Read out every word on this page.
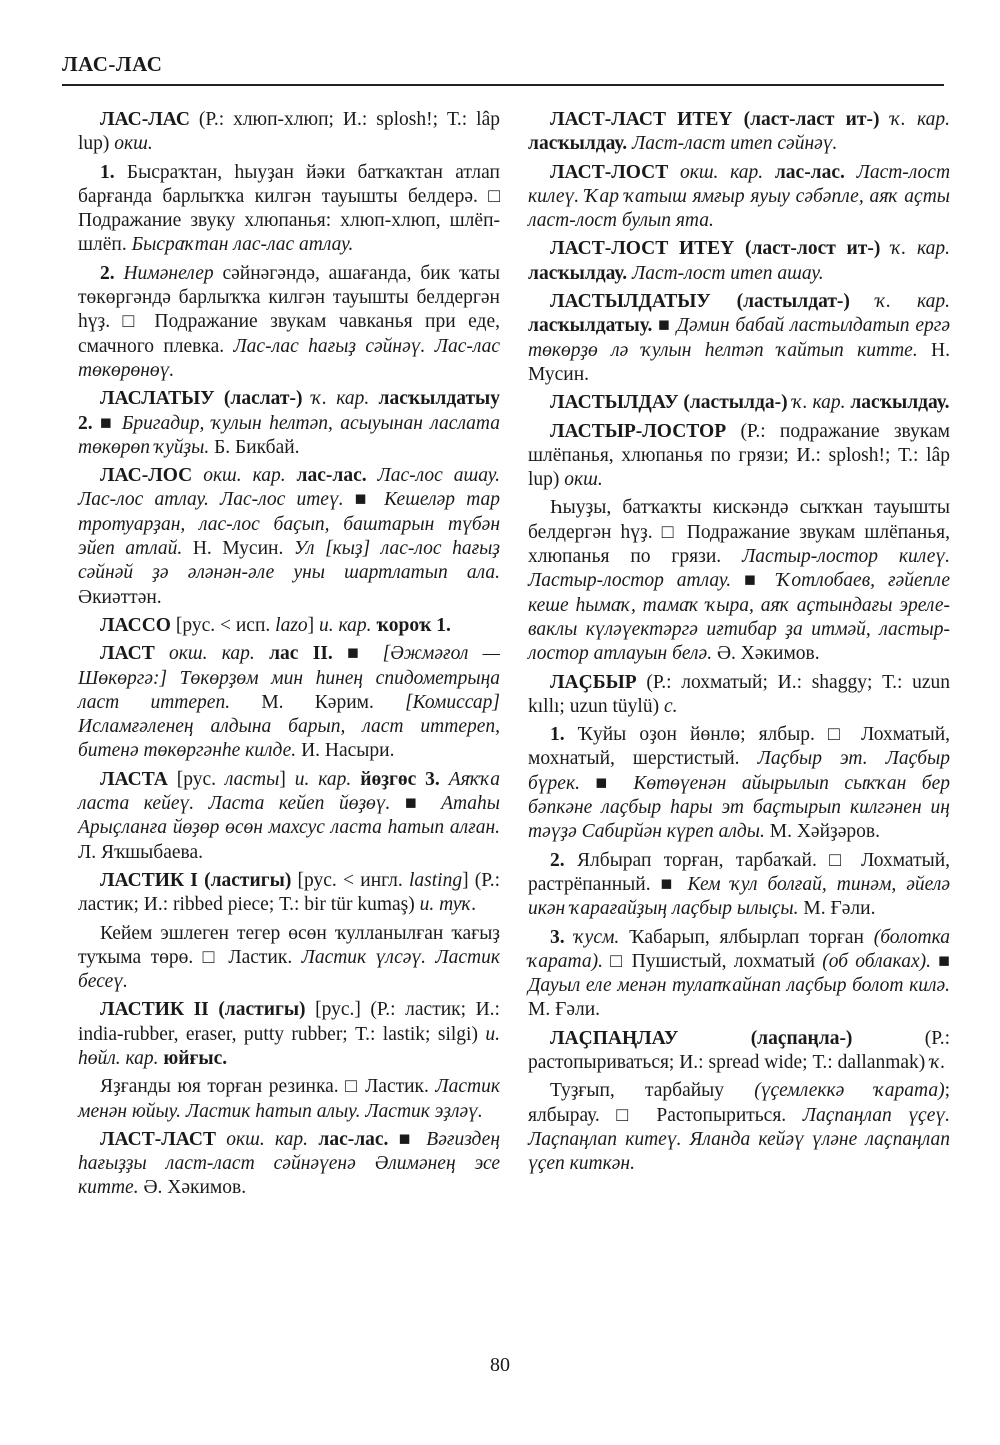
ЛАС-ЛАС

ЛАС-ЛАС (Р.: хлюп-хлюп; И.: splosh!; Т.: lâp lup) окш.

1. Бысраҡтан, һыуҙан йәки батҡаҡтан атлап барғанда барлыҡҡа килгән тауышты белдерә. □ Подражание звуку хлюпанья: хлюп-хлюп, шлёп-шлёп. Бысраҡтан лас-лас атлау.

2. Нимәнелер сәйнәгәндә, ашағанда, бик ҡаты төкөргәндә барлыҡҡа килгән тауышты белдергән һүҙ. □ Подражание звукам чавканья при еде, смачного плевка. Лас-лас һағыҙ сәйнәү. Лас-лас төкөрөнөү.

ЛАСЛАТЫУ (ласлат-) ҡ. кар. ласҡылдатыу 2. ■ Бригадир, ҡулын һелтәп, асыуынан ласлата төкөрөп ҡуйҙы. Б. Бикбай.

ЛАС-ЛОС окш. кар. лас-лас. Лас-лос ашау. Лас-лос атлау. Лас-лос итеү. ■ Кешеләр тар тротуарҙан, лас-лос баҫып, баштарын түбән эйеп атлай. Н. Мусин. Ул [кыҙ] лас-лос һағыҙ сәйнәй ҙә әләнән-әле уны шартлатып ала. Әкиәттән.

ЛАССО [рус. < исп. lazo] и. кар. ҡороҡ 1.

ЛАСТ окш. кар. лас II. ■ [Әжмәғол — Шөкөргә:] Төкөрҙөм мин һинең спидометрыңа ласт иттереп. М. Кәрим. [Комиссар] Исламғәленең алдына барып, ласт иттереп, битенә төкөргәнһе килде. И. Насыри.

ЛАСТА [рус. ласты] и. кар. йөҙгөс 3. Аяҡҡа ласта кейеү. Ласта кейеп йөҙөү. ■ Атаһы Арыҫланға йөҙөр өсөн махсус ласта һатып алған. Л. Яҡшыбаева.

ЛАСТИК I (ластигы) [рус. < ингл. lasting] (Р.: ластик; И.: ribbed piece; Т.: bir tür kumaş) и. туҡ.

Кейем эшлеген тегер өсөн ҡулланылған ҡағыҙ туҡыма төрө. □ Ластик. Ластик үлсәү. Ластик бесеү.

ЛАСТИК II (ластигы) [рус.] (Р.: ластик; И.: india-rubber, eraser, putty rubber; Т.: lastik; silgi) и. һөйл. кар. юйғыс.

Яҙғанды юя торған резинка. □ Ластик. Ластик менән юйыу. Ластик һатып алыу. Ластик эҙләү.

ЛАСТ-ЛАСТ окш. кар. лас-лас. ■ Вәғиздең һағыҙҙы ласт-ласт сәйнәүенә Әлимәнең эсе китте. Ә. Хәкимов.

ЛАСТ-ЛАСТ ИТЕҮ (ласт-ласт ит-) ҡ. кар. ласҡылдау. Ласт-ласт итеп сәйнәү.

ЛАСТ-ЛОСТ окш. кар. лас-лас. Ласт-лост килеү. Ҡар ҡатыш ямғыр яуыу сәбәпле, аяҡ аҫты ласт-лост булып ята.

ЛАСТ-ЛОСТ ИТЕҮ (ласт-лост ит-) ҡ. кар. ласҡылдау. Ласт-лост итеп ашау.

ЛАСТЫЛДАТЫУ (ластылдат-) ҡ. кар. ласҡылдатыу. ■ Дәмин бабай ластылдатып ергә төкөрҙө лә ҡулын һелтәп ҡайтып китте. Н. Мусин.

ЛАСТЫЛДАУ (ластылда-) ҡ. кар. ласҡылдау.

ЛАСТЫР-ЛОСТОР (Р.: подражание звукам шлёпанья, хлюпанья по грязи; И.: splosh!; Т.: lâp lup) окш.

Һыуҙы, батҡаҡты кискәндә сыҡҡан тауышты белдергән һүҙ. □ Подражание звукам шлёпанья, хлюпанья по грязи. Ластыр-лостор килеү. Ластыр-лостор атлау. ■ Ҡотлобаев, ғәйепле кеше һымаҡ, тамаҡ ҡыра, аяҡ аҫтындағы эреле-ваклы күләүектәргә иғтибар ҙа итмәй, ластыр-лостор атлауын белә. Ә. Хәкимов.

ЛАҪБЫР (Р.: лохматый; И.: shaggy; Т.: uzun kıllı; uzun tüylü) с.

1. Ҡуйы оҙон йөнлө; ялбыр. □ Лохматый, мохнатый, шерстистый. Лаҫбыр эт. Лаҫбыр бүрек. ■ Көтөүенән айырылып сыҡҡан бер бәпкәне лаҫбыр һары эт баҫтырып килгәнен иң тәүҙә Сабирйән күреп алды. М. Хәйҙәров.

2. Ялбырап торған, тарбаҡай. □ Лохматый, растрёпанный. ■ Кем ҡул болғай, тинәм, әйелә икән ҡарағайҙың лаҫбыр ылыҫы. М. Ғәли.

3. ҡусм. Ҡабарып, ялбырлап торған (болотка ҡарата). □ Пушистый, лохматый (об облаках). ■ Дауыл еле менән тулапҡайнап лаҫбыр болот килә. М. Ғәли.

ЛАҪПАҢЛАУ (лаҫпаңла-) (Р.: растопыриваться; И.: spread wide; Т.: dallanmak) ҡ.

Туҙғып, тарбайыу (үҫемлеккә ҡарата); ялбырау. □ Растопыриться. Лаҫпаңлап үҫеү. Лаҫпаңлап китеү. Яланда кейәү үләне лаҫпаңлап үҫеп киткән.

80
